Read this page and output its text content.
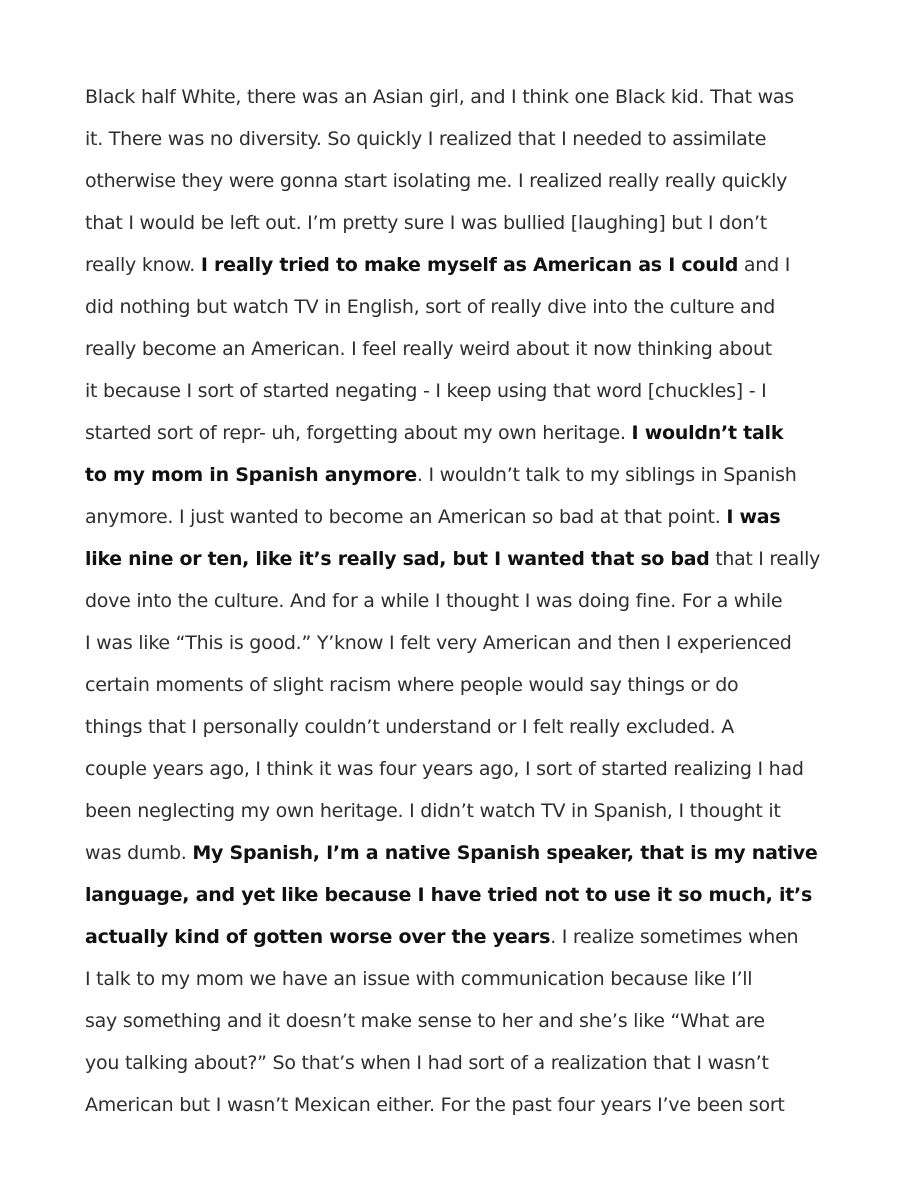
Black half White, there was an Asian girl, and I think one Black kid. That was
it. There was no diversity. So quickly I realized that I needed to assimilate
otherwise they were gonna start isolating me. I realized really really quickly
that I would be left out. I’m pretty sure I was bullied [laughing] but I don’t
really know. I really tried to make myself as American as I could and I
did nothing but watch TV in English, sort of really dive into the culture and
really become an American. I feel really weird about it now thinking about
it because I sort of started negating - I keep using that word [chuckles] - I
started sort of repr- uh, forgetting about my own heritage. I wouldn’t talk
to my mom in Spanish anymore. I wouldn’t talk to my siblings in Spanish
anymore. I just wanted to become an American so bad at that point. I was
like nine or ten, like it’s really sad, but I wanted that so bad that I really
dove into the culture. And for a while I thought I was doing fine. For a while
I was like “This is good.” Y’know I felt very American and then I experienced
certain moments of slight racism where people would say things or do
things that I personally couldn’t understand or I felt really excluded. A
couple years ago, I think it was four years ago, I sort of started realizing I had
been neglecting my own heritage. I didn’t watch TV in Spanish, I thought it
was dumb. My Spanish, I’m a native Spanish speaker, that is my native
language, and yet like because I have tried not to use it so much, it’s
actually kind of gotten worse over the years. I realize sometimes when
I talk to my mom we have an issue with communication because like I’ll
say something and it doesn’t make sense to her and she’s like “What are
you talking about?” So that’s when I had sort of a realization that I wasn’t
American but I wasn’t Mexican either. For the past four years I’ve been sort
